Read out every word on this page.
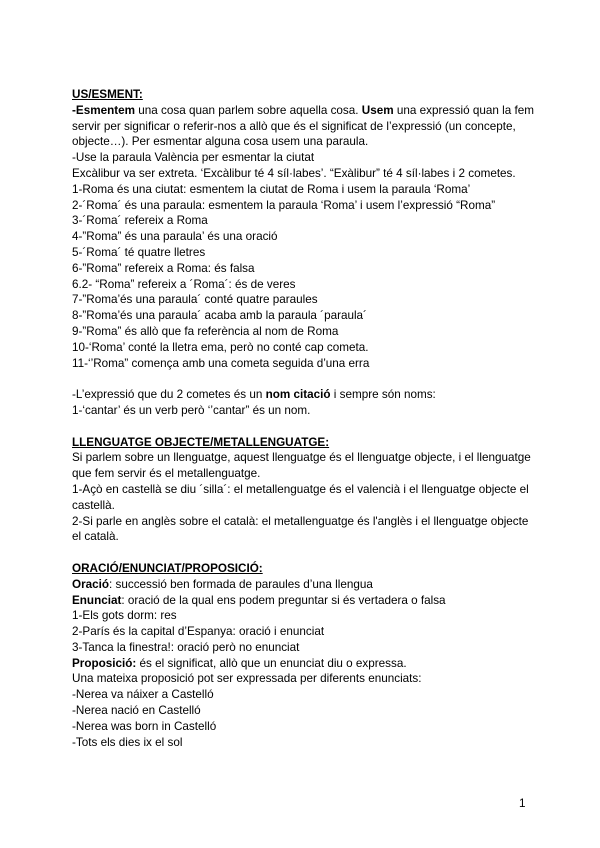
US/ESMENT:

-Esmentem una cosa quan parlem sobre aquella cosa. Usem una expressió quan la fem servir per significar o referir-nos a allò que és el significat de l’expressió (un concepte, objecte…). Per esmentar alguna cosa usem una paraula.

-Use la paraula València per esmentar la ciutat

Excàlibur va ser extreta. ‘Excàlibur té 4 síl·labes’. “Exàlibur” té 4 síl·labes i 2 cometes.

1-Roma és una ciutat: esmentem la ciutat de Roma i usem la paraula ‘Roma’

2-´Roma´ és una paraula: esmentem la paraula ‘Roma’ i usem l’expressió “Roma”

3-´Roma´ refereix a Roma

4-”Roma” és una paraula’ és una oració

5-´Roma´ té quatre lletres

6-”Roma” refereix a Roma: és falsa

6.2- “Roma” refereix a ´Roma´: és de veres

7-”Roma’és una paraula´ conté quatre paraules

8-”Roma’és una paraula´ acaba amb la paraula ´paraula´

9-”Roma” és allò que fa referència al nom de Roma

10-‘Roma’ conté la lletra ema, però no conté cap cometa.

11-‘’Roma” comença amb una cometa seguida d’una erra

-L’expressió que du 2 cometes és un nom citació i sempre són noms:

1-‘cantar’ és un verb però ‘’cantar” és un nom.

LLENGUATGE OBJECTE/METALLENGUATGE:

Si parlem sobre un llenguatge, aquest llenguatge és el llenguatge objecte, i el llenguatge que fem servir és el metallenguatge.

1-Açò en castellà se diu ´silla´: el metallenguatge és el valencià i el llenguatge objecte el castellà.

2-Si parle en anglès sobre el català: el metallenguatge és l'anglès i el llenguatge objecte el català.

ORACIÓ/ENUNCIAT/PROPOSICIÓ:

Oració: successió ben formada de paraules d’una llengua

Enunciat: oració de la qual ens podem preguntar si és vertadera o falsa

1-Els gots dorm: res

2-París és la capital d’Espanya: oració i enunciat

3-Tanca la finestra!: oració però no enunciat

Proposició: és el significat, allò que un enunciat diu o expressa.

Una mateixa proposició pot ser expressada per diferents enunciats:

-Nerea va náixer a Castelló

-Nerea nació en Castelló

-Nerea was born in Castelló

-Tots els dies ix el sol

1
